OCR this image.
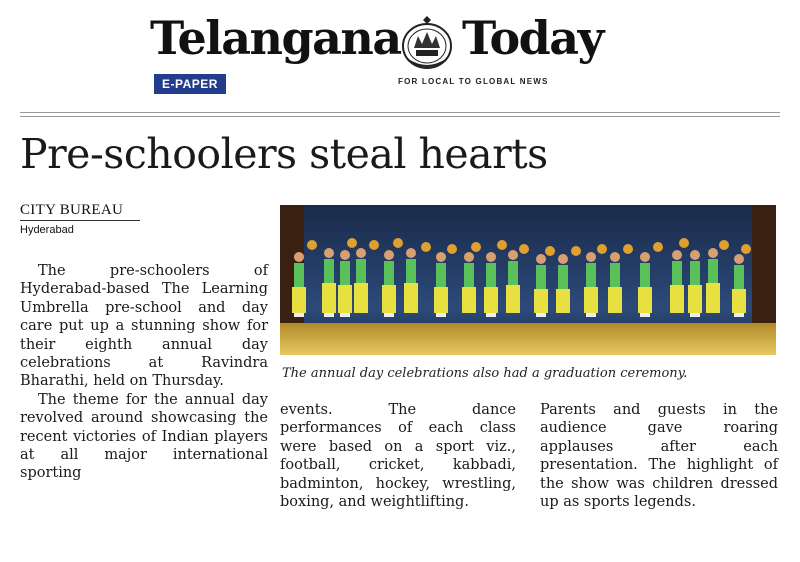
Telangana Today
E-PAPER	FOR LOCAL TO GLOBAL NEWS
Pre-schoolers steal hearts
CITY BUREAU
Hyderabad

The pre-schoolers of Hyderabad-based The Learning Umbrella pre-school and day care put up a stunning show for their eighth annual day celebrations at Ravindra Bharathi, held on Thursday.

The theme for the annual day revolved around showcasing the recent victories of Indian players at all major international sporting

The annual day celebrations also had a graduation ceremony.

events. The dance performances of each class were based on a sport viz., football, cricket, kabbadi, badminton, hockey, wrestling, boxing, and weightlifting.

Parents and guests in the audience gave roaring applauses after each presentation. The highlight of the show was children dressed up as sports legends.
